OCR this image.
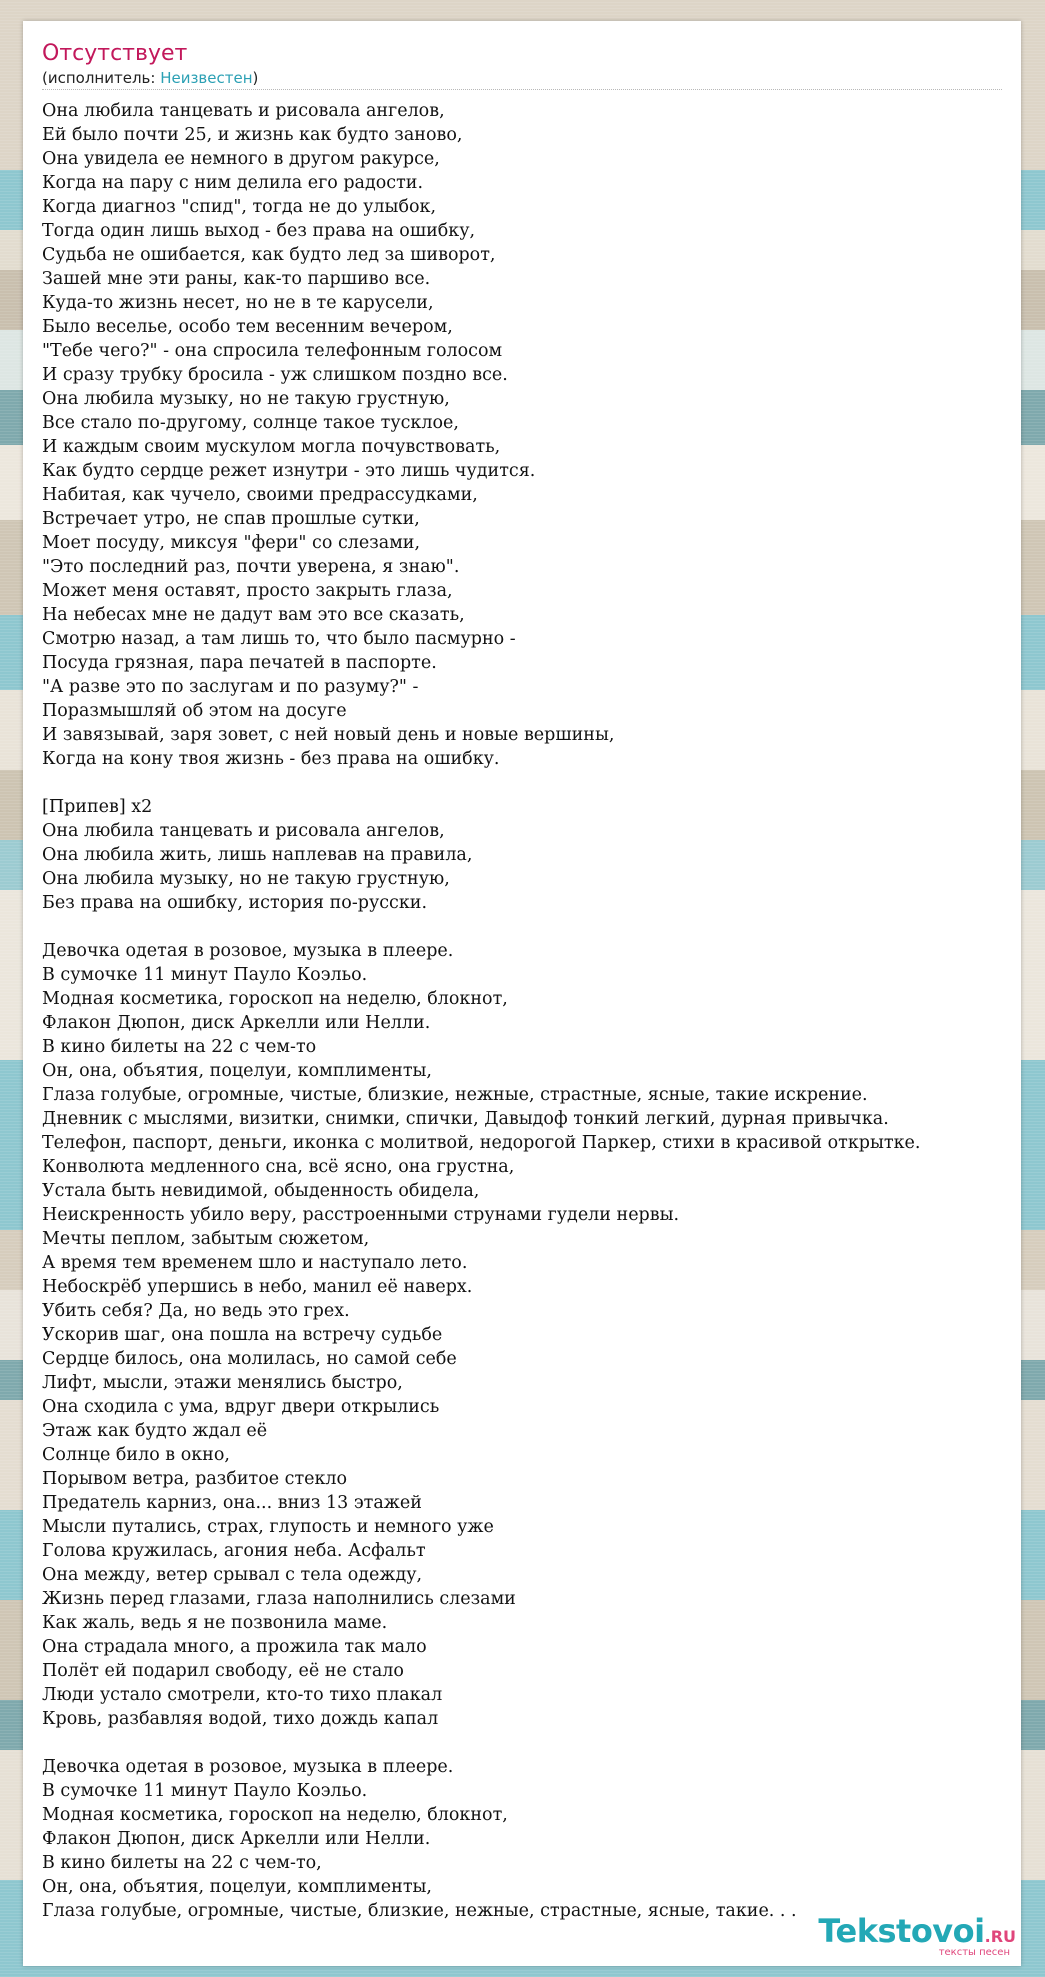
Отсутствует
(исполнитель: Неизвестен)
Она любила танцевать и рисовала ангелов,
Ей было почти 25, и жизнь как будто заново,
Она увидела ее немного в другом ракурсе,
Когда на пару с ним делила его радости.
Когда диагноз "спид", тогда не до улыбок,
Тогда один лишь выход - без права на ошибку,
Судьба не ошибается, как будто лед за шиворот,
Зашей мне эти раны, как-то паршиво все.
Куда-то жизнь несет, но не в те карусели,
Было веселье, особо тем весенним вечером,
"Тебе чего?" - она спросила телефонным голосом
И сразу трубку бросила - уж слишком поздно все.
Она любила музыку, но не такую грустную,
Все стало по-другому, солнце такое тусклое,
И каждым своим мускулом могла почувствовать,
Как будто сердце режет изнутри - это лишь чудится.
Набитая, как чучело, своими предрассудками,
Встречает утро, не спав прошлые сутки,
Моет посуду, миксуя "фери" со слезами,
"Это последний раз, почти уверена, я знаю".
Может меня оставят, просто закрыть глаза,
На небесах мне не дадут вам это все сказать,
Смотрю назад, а там лишь то, что было пасмурно -
Посуда грязная, пара печатей в паспорте.
"А разве это по заслугам и по разуму?" -
Поразмышляй об этом на досуге
И завязывай, заря зовет, с ней новый день и новые вершины,
Когда на кону твоя жизнь - без права на ошибку.

[Припев] x2
Она любила танцевать и рисовала ангелов,
Она любила жить, лишь наплевав на правила,
Она любила музыку, но не такую грустную,
Без права на ошибку, история по-русски.

Девочка одетая в розовое, музыка в плеере.
В сумочке 11 минут Пауло Коэльо.
Модная косметика, гороскоп на неделю, блокнот,
Флакон Дюпон, диск Аркелли или Нелли.
В кино билеты на 22 с чем-то
Он, она, объятия, поцелуи, комплименты,
Глаза голубые, огромные, чистые, близкие, нежные, страстные, ясные, такие искрение.
Дневник с мыслями, визитки, снимки, спички, Давыдоф тонкий легкий, дурная привычка.
Телефон, паспорт, деньги, иконка с молитвой, недорогой Паркер, стихи в красивой открытке.
Конволюта медленного сна, всё ясно, она грустна,
Устала быть невидимой, обыденность обидела,
Неискренность убило веру, расстроенными струнами гудели нервы.
Мечты пеплом, забытым сюжетом,
А время тем временем шло и наступало лето.
Небоскрёб упершись в небо, манил её наверх.
Убить себя? Да, но ведь это грех.
Ускорив шаг, она пошла на встречу судьбе
Сердце билось, она молилась, но самой себе
Лифт, мысли, этажи менялись быстро,
Она сходила с ума, вдруг двери открылись
Этаж как будто ждал её
Солнце било в окно,
Порывом ветра, разбитое стекло
Предатель карниз, она... вниз 13 этажей
Мысли путались, страх, глупость и немного уже
Голова кружилась, агония неба. Асфальт
Она между, ветер срывал с тела одежду,
Жизнь перед глазами, глаза наполнились слезами
Как жаль, ведь я не позвонила маме.
Она страдала много, а прожила так мало
Полёт ей подарил свободу, её не стало
Люди устало смотрели, кто-то тихо плакал
Кровь, разбавляя водой, тихо дождь капал

Девочка одетая в розовое, музыка в плеере.
В сумочке 11 минут Пауло Коэльо.
Модная косметика, гороскоп на неделю, блокнот,
Флакон Дюпон, диск Аркелли или Нелли.
В кино билеты на 22 с чем-то,
Он, она, объятия, поцелуи, комплименты,
Глаза голубые, огромные, чистые, близкие, нежные, страстные, ясные, такие. . .
Tekstovoi.RU
тексты песен
